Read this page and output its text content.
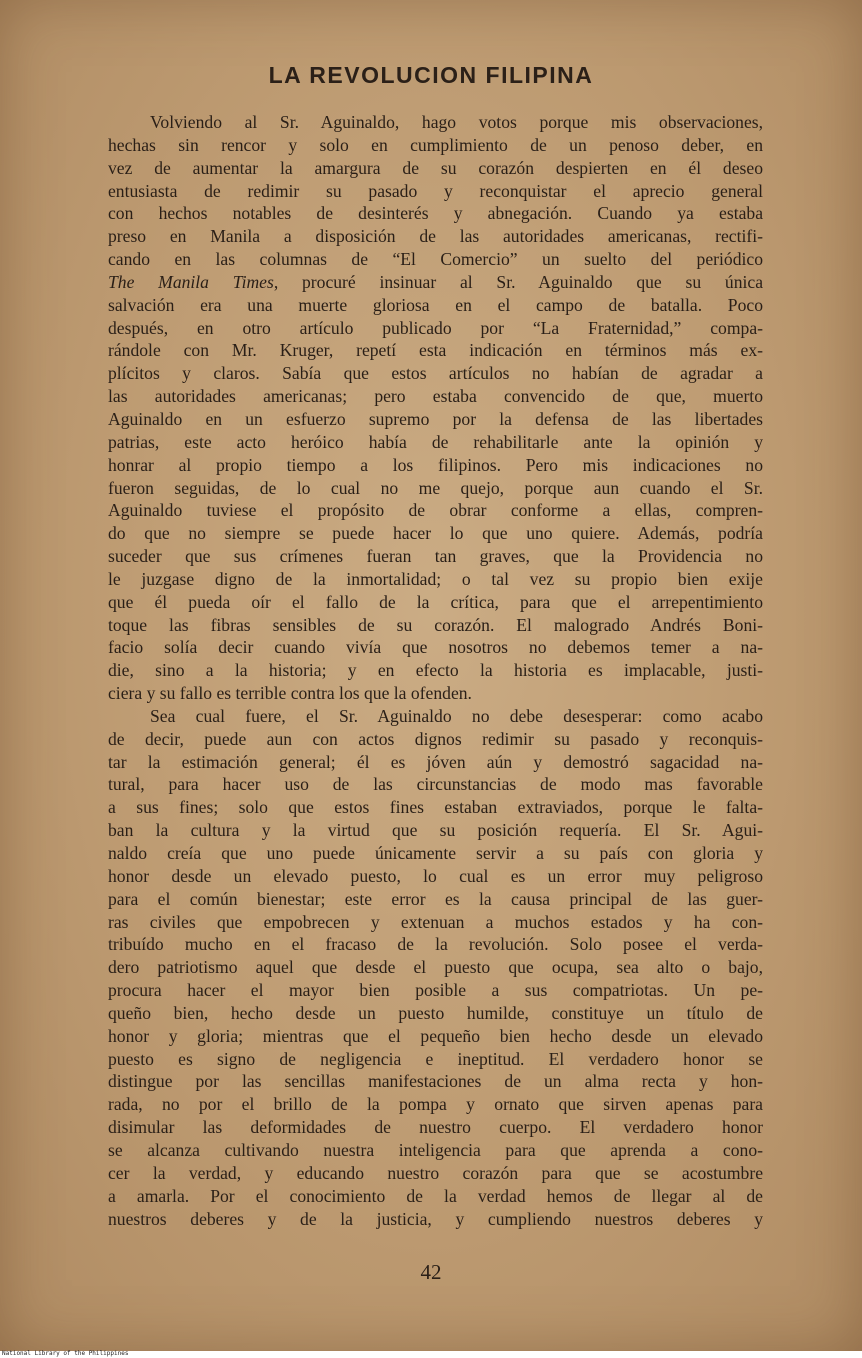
LA REVOLUCION FILIPINA
Volviendo al Sr. Aguinaldo, hago votos porque mis observaciones,
hechas sin rencor y solo en cumplimiento de un penoso deber, en
vez de aumentar la amargura de su corazón despierten en él deseo
entusiasta de redimir su pasado y reconquistar el aprecio general
con hechos notables de desinterés y abnegación. Cuando ya estaba
preso en Manila a disposición de las autoridades americanas, rectifi-
cando en las columnas de “El Comercio” un suelto del periódico
The Manila Times, procuré insinuar al Sr. Aguinaldo que su única
salvación era una muerte gloriosa en el campo de batalla. Poco
después, en otro artículo publicado por “La Fraternidad,” compa-
rándole con Mr. Kruger, repetí esta indicación en términos más ex-
plícitos y claros. Sabía que estos artículos no habían de agradar a
las autoridades americanas; pero estaba convencido de que, muerto
Aguinaldo en un esfuerzo supremo por la defensa de las libertades
patrias, este acto heróico había de rehabilitarle ante la opinión y
honrar al propio tiempo a los filipinos. Pero mis indicaciones no
fueron seguidas, de lo cual no me quejo, porque aun cuando el Sr.
Aguinaldo tuviese el propósito de obrar conforme a ellas, compren-
do que no siempre se puede hacer lo que uno quiere. Además, podría
suceder que sus crímenes fueran tan graves, que la Providencia no
le juzgase digno de la inmortalidad; o tal vez su propio bien exije
que él pueda oír el fallo de la crítica, para que el arrepentimiento
toque las fibras sensibles de su corazón. El malogrado Andrés Boni-
facio solía decir cuando vivía que nosotros no debemos temer a na-
die, sino a la historia; y en efecto la historia es implacable, justi-
ciera y su fallo es terrible contra los que la ofenden.
Sea cual fuere, el Sr. Aguinaldo no debe desesperar: como acabo
de decir, puede aun con actos dignos redimir su pasado y reconquis-
tar la estimación general; él es jóven aún y demostró sagacidad na-
tural, para hacer uso de las circunstancias de modo mas favorable
a sus fines; solo que estos fines estaban extraviados, porque le falta-
ban la cultura y la virtud que su posición requería. El Sr. Agui-
naldo creía que uno puede únicamente servir a su país con gloria y
honor desde un elevado puesto, lo cual es un error muy peligroso
para el común bienestar; este error es la causa principal de las guer-
ras civiles que empobrecen y extenuan a muchos estados y ha con-
tribuído mucho en el fracaso de la revolución. Solo posee el verda-
dero patriotismo aquel que desde el puesto que ocupa, sea alto o bajo,
procura hacer el mayor bien posible a sus compatriotas. Un pe-
queño bien, hecho desde un puesto humilde, constituye un título de
honor y gloria; mientras que el pequeño bien hecho desde un elevado
puesto es signo de negligencia e ineptitud. El verdadero honor se
distingue por las sencillas manifestaciones de un alma recta y hon-
rada, no por el brillo de la pompa y ornato que sirven apenas para
disimular las deformidades de nuestro cuerpo. El verdadero honor
se alcanza cultivando nuestra inteligencia para que aprenda a cono-
cer la verdad, y educando nuestro corazón para que se acostumbre
a amarla. Por el conocimiento de la verdad hemos de llegar al de
nuestros deberes y de la justicia, y cumpliendo nuestros deberes y
42
National Library of the Philippines
